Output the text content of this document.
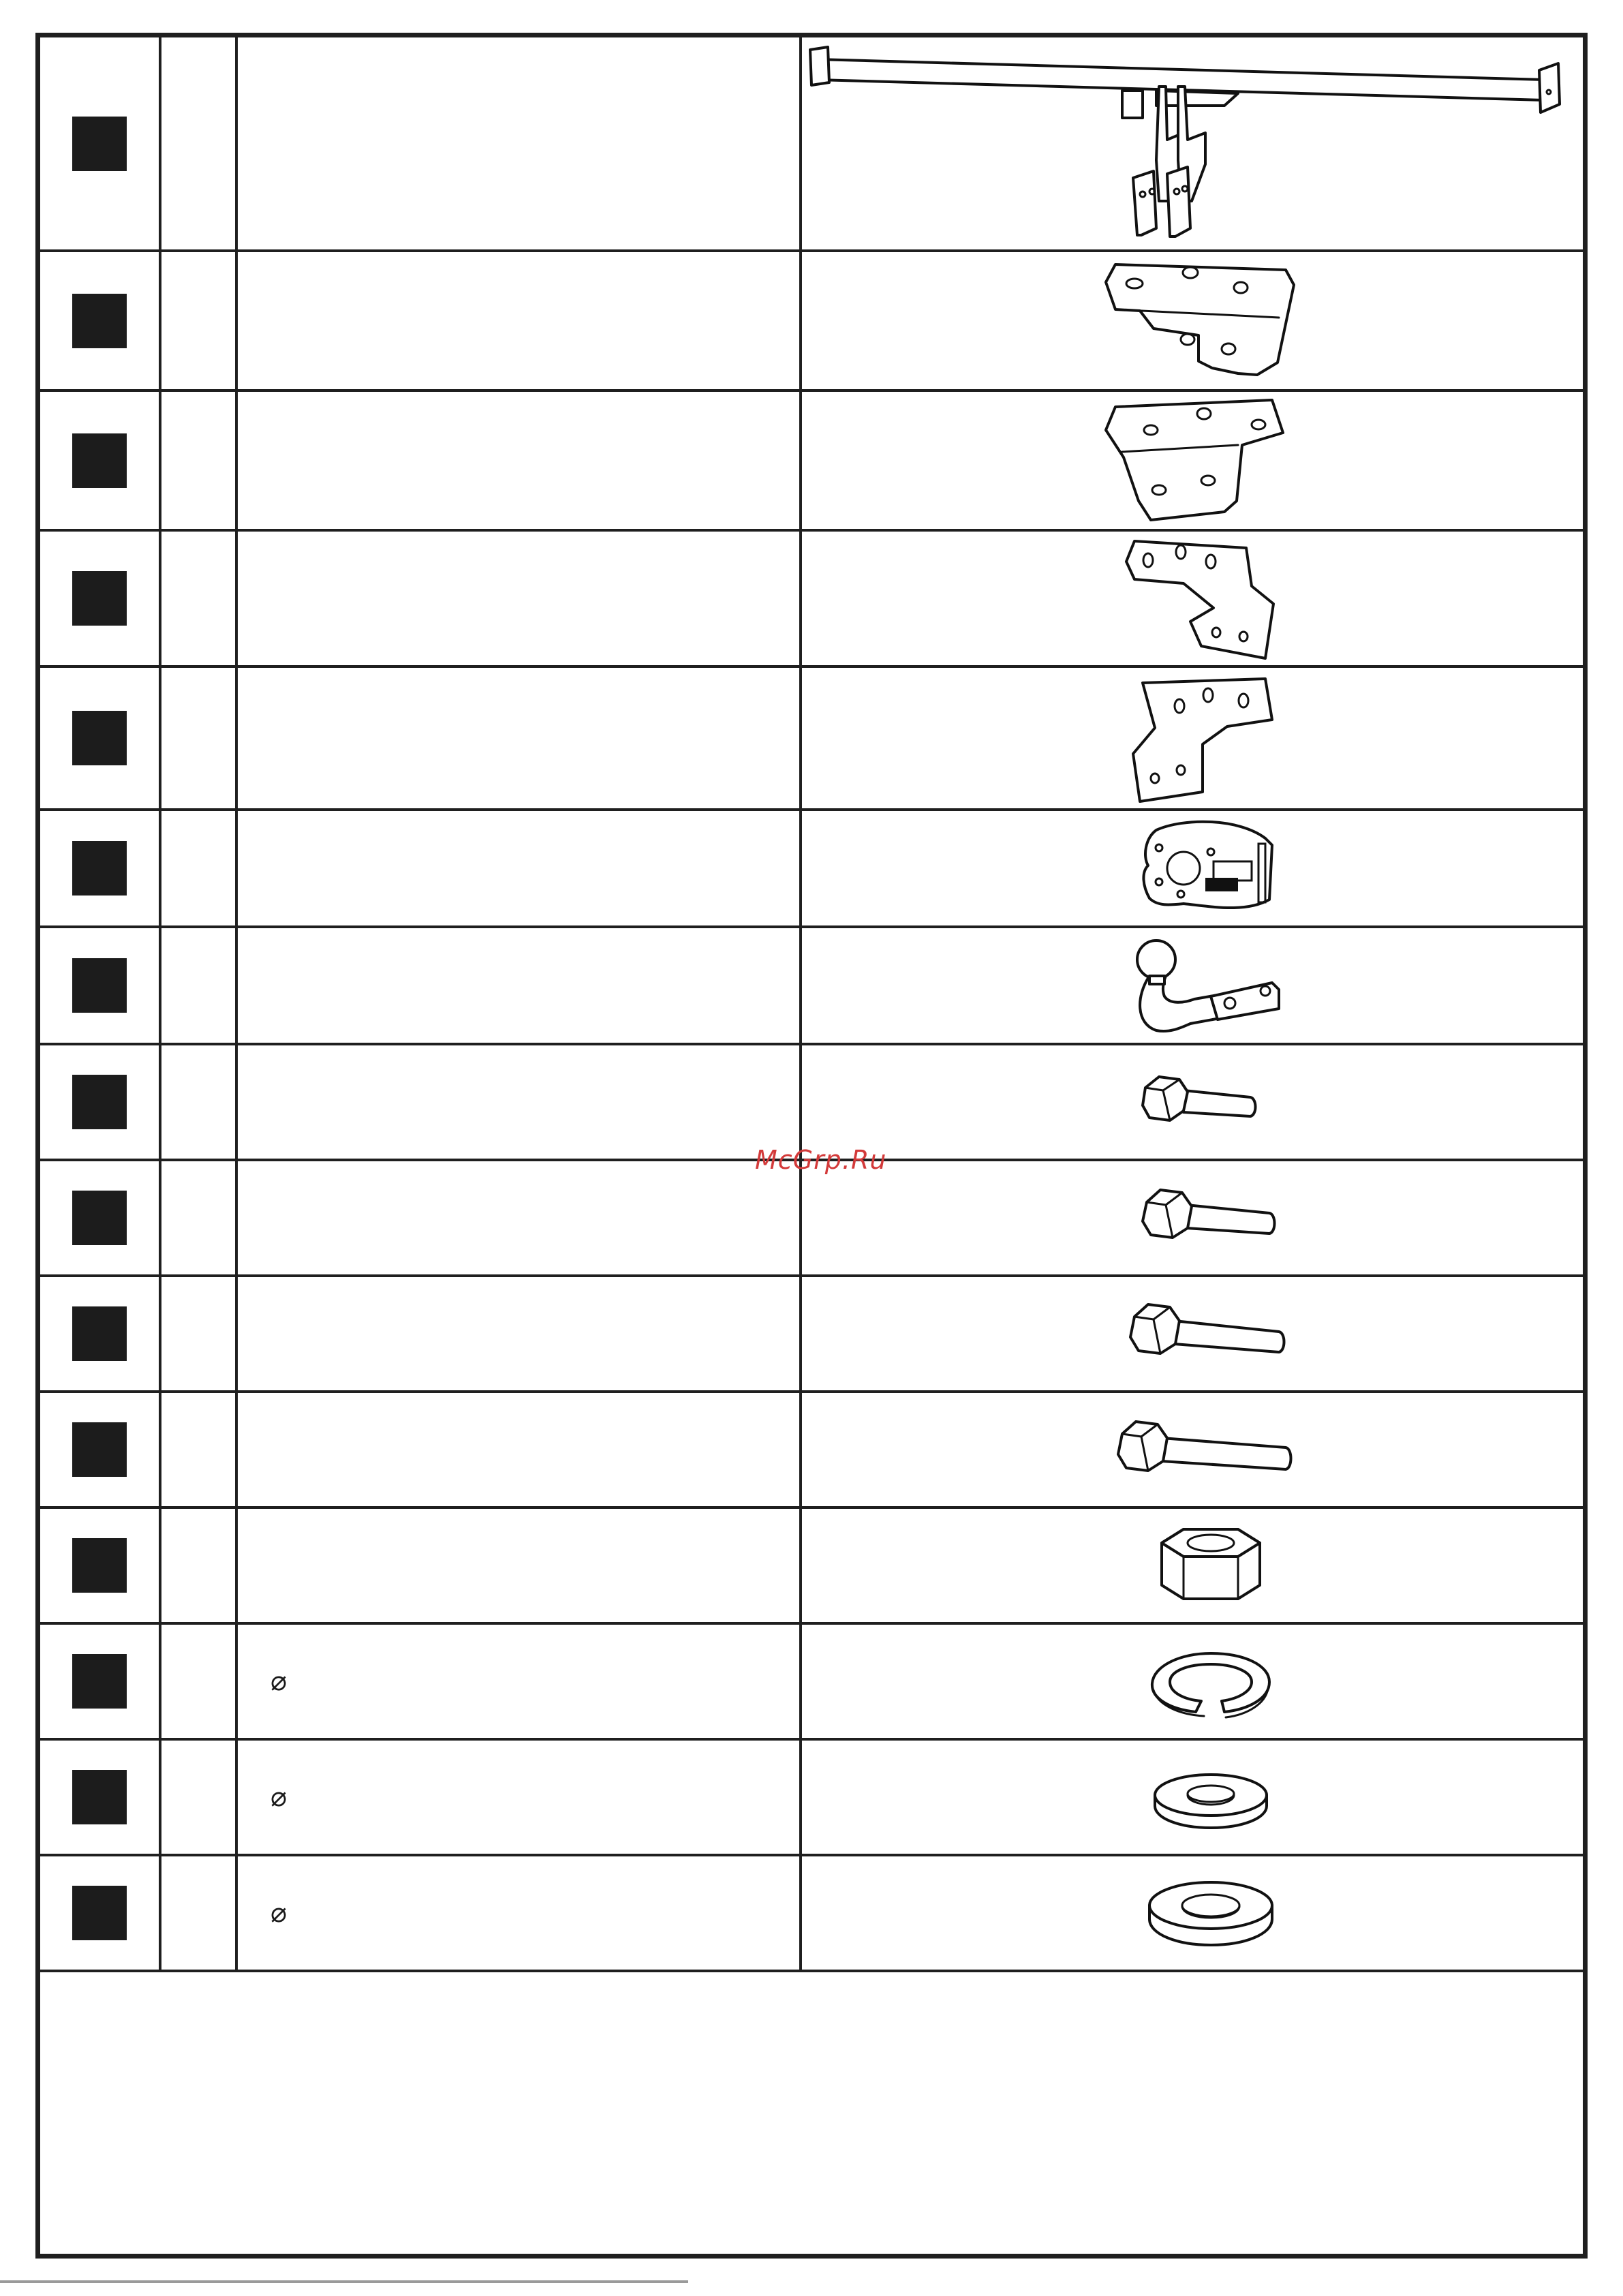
⌀
⌀
⌀
McGrp.Ru
